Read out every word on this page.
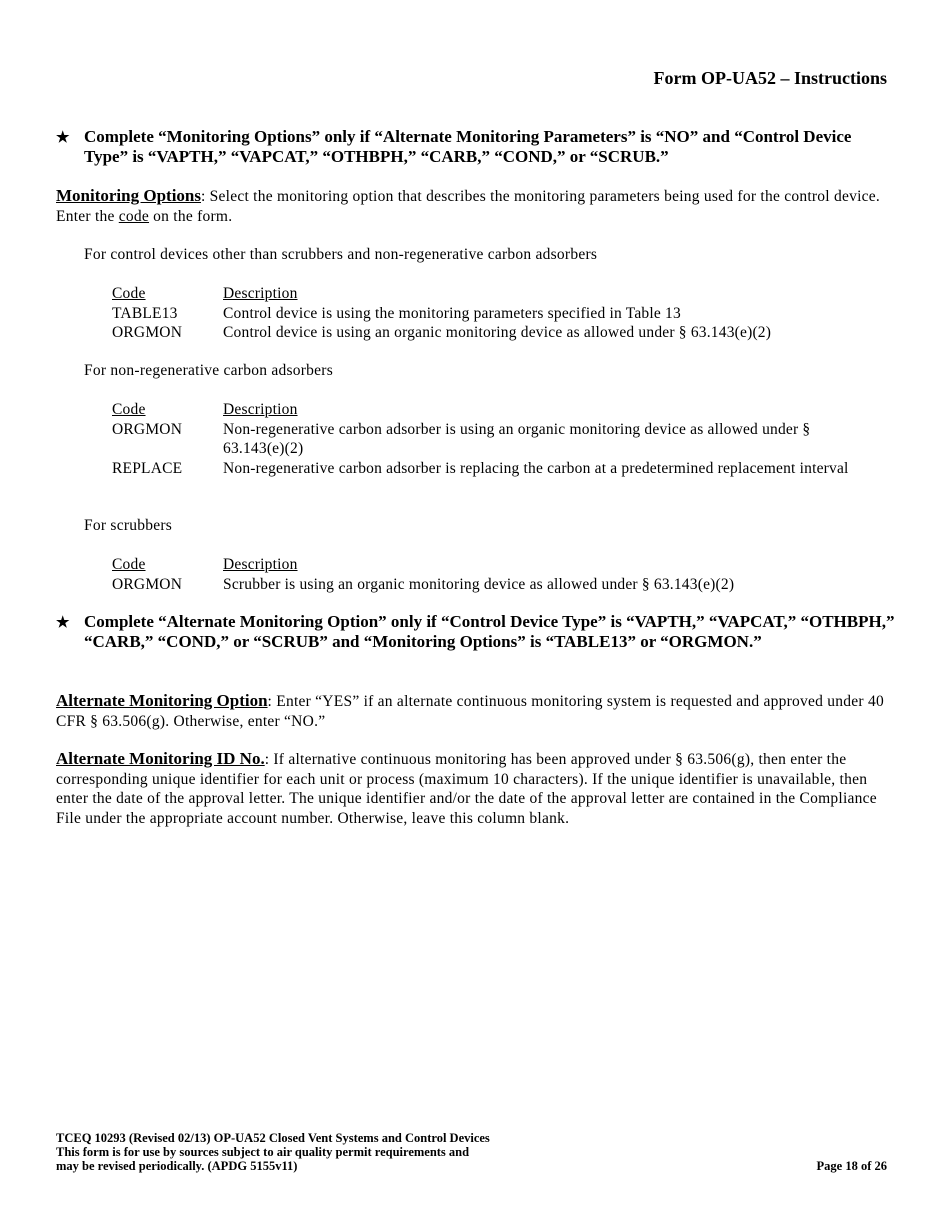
Form OP-UA52 – Instructions
★ Complete “Monitoring Options” only if “Alternate Monitoring Parameters” is “NO” and “Control Device Type” is “VAPTH,” “VAPCAT,” “OTHBPH,” “CARB,” “COND,” or “SCRUB.”
Monitoring Options: Select the monitoring option that describes the monitoring parameters being used for the control device. Enter the code on the form.
For control devices other than scrubbers and non-regenerative carbon adsorbers
Code	Description
TABLE13	Control device is using the monitoring parameters specified in Table 13
ORGMON	Control device is using an organic monitoring device as allowed under § 63.143(e)(2)
For non-regenerative carbon adsorbers
Code	Description
ORGMON	Non-regenerative carbon adsorber is using an organic monitoring device as allowed under § 63.143(e)(2)
REPLACE	Non-regenerative carbon adsorber is replacing the carbon at a predetermined replacement interval
For scrubbers
Code	Description
ORGMON	Scrubber is using an organic monitoring device as allowed under § 63.143(e)(2)
★ Complete “Alternate Monitoring Option” only if “Control Device Type” is “VAPTH,” “VAPCAT,” “OTHBPH,” “CARB,” “COND,” or “SCRUB” and “Monitoring Options” is “TABLE13” or “ORGMON.”
Alternate Monitoring Option: Enter “YES” if an alternate continuous monitoring system is requested and approved under 40 CFR § 63.506(g). Otherwise, enter “NO.”
Alternate Monitoring ID No.: If alternative continuous monitoring has been approved under § 63.506(g), then enter the corresponding unique identifier for each unit or process (maximum 10 characters). If the unique identifier is unavailable, then enter the date of the approval letter. The unique identifier and/or the date of the approval letter are contained in the Compliance File under the appropriate account number. Otherwise, leave this column blank.
TCEQ 10293 (Revised 02/13) OP-UA52 Closed Vent Systems and Control Devices
This form is for use by sources subject to air quality permit requirements and
may be revised periodically. (APDG 5155v11)	Page 18 of 26
